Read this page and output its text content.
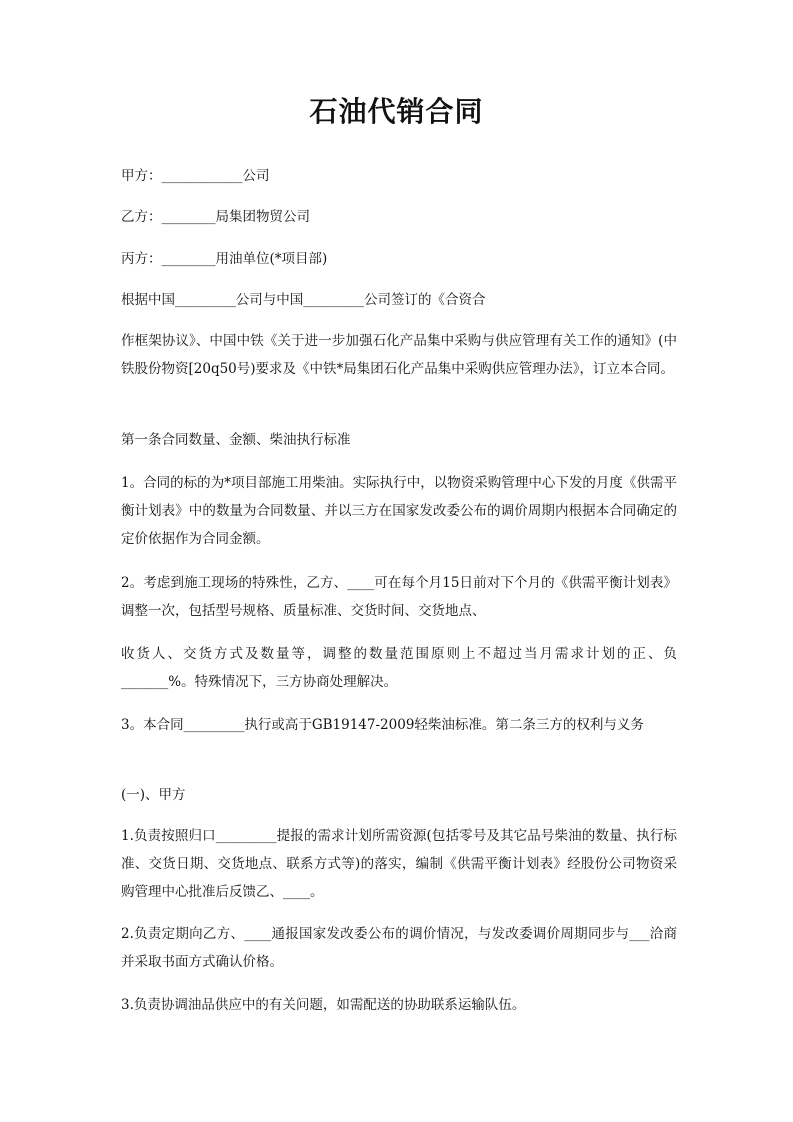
石油代销合同

甲方：____________公司

乙方：________局集团物贸公司

丙方：________用油单位(*项目部)

根据中国_________公司与中国_________公司签订的《合资合

作框架协议》、中国中铁《关于进一步加强石化产品集中采购与供应管理有关工作的通知》(中铁股份物资[20q50号)要求及《中铁*局集团石化产品集中采购供应管理办法》，订立本合同。

第一条合同数量、金额、柴油执行标准

1。合同的标的为*项目部施工用柴油。实际执行中，以物资采购管理中心下发的月度《供需平衡计划表》中的数量为合同数量、并以三方在国家发改委公布的调价周期内根据本合同确定的定价依据作为合同金额。

2。考虑到施工现场的特殊性，乙方、____可在每个月15日前对下个月的《供需平衡计划表》调整一次，包括型号规格、质量标准、交货时间、交货地点、

收货人、交货方式及数量等，调整的数量范围原则上不超过当月需求计划的正、负_______%。特殊情况下，三方协商处理解决。

3。本合同_________执行或高于GB19147-2009轻柴油标准。第二条三方的权利与义务

(一)、甲方

1.负责按照归口_________提报的需求计划所需资源(包括零号及其它品号柴油的数量、执行标准、交货日期、交货地点、联系方式等)的落实，编制《供需平衡计划表》经股份公司物资采购管理中心批准后反馈乙、____。

2.负责定期向乙方、____通报国家发改委公布的调价情况，与发改委调价周期同步与___洽商并采取书面方式确认价格。

3.负责协调油品供应中的有关问题，如需配送的协助联系运输队伍。
